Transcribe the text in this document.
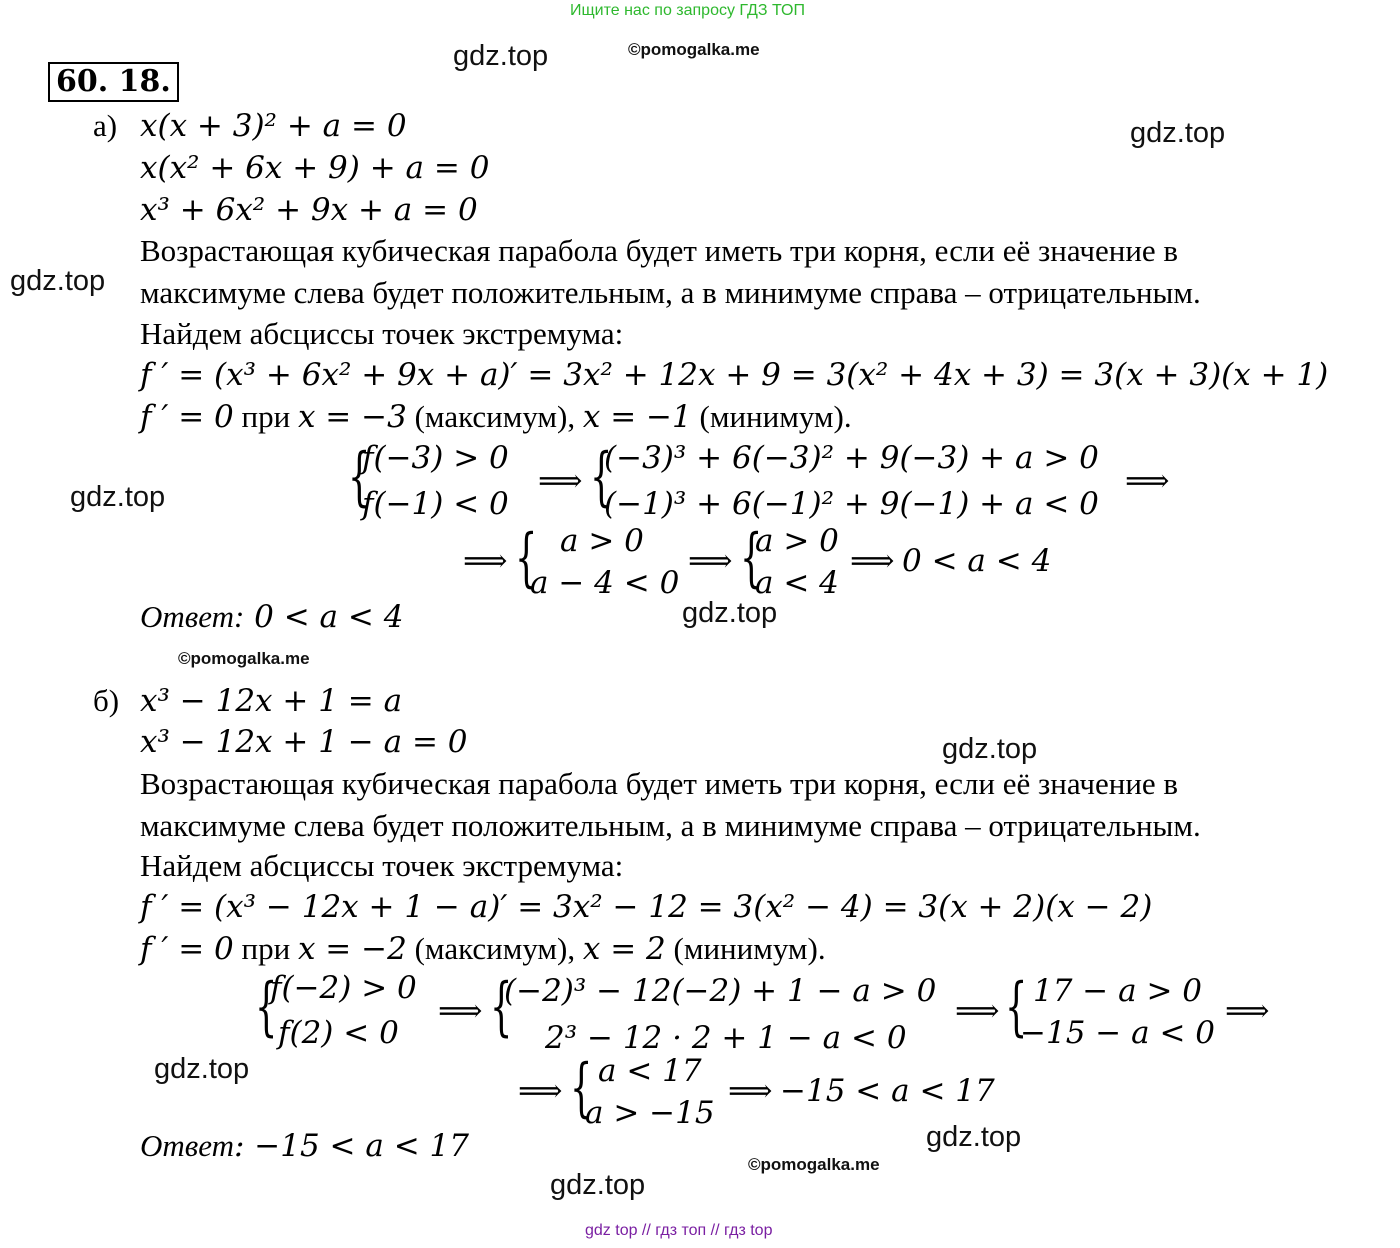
Ищите нас по запросу ГДЗ ТОП
gdz top // гдз топ // гдз top
gdz.top	©pomogalka.me
gdz.top
gdz.top
gdz.top
gdz.top
©pomogalka.me
gdz.top
gdz.top
gdz.top
©pomogalka.me
gdz.top
60. 18.
а) x(x + 3)² + a = 0
x(x² + 6x + 9) + a = 0
x³ + 6x² + 9x + a = 0
Возрастающая кубическая парабола будет иметь три корня, если её значение в
максимуме слева будет положительным, а в минимуме справа – отрицательным.
Найдем абсциссы точек экстремума:
f ′ = (x³ + 6x² + 9x + a)′ = 3x² + 12x + 9 = 3(x² + 4x + 3) = 3(x + 3)(x + 1)
f ′ = 0 при x = −3 (максимум), x = −1 (минимум).
{
f(−3) > 0
f(−1) < 0
⟹ {
(−3)³ + 6(−3)² + 9(−3) + a > 0
(−1)³ + 6(−1)² + 9(−1) + a < 0
⟹
⟹ { a > 0
a − 4 < 0
⟹ {
a > 0
a < 4
⟹ 0 < a < 4
Ответ: 0 < a < 4
б) x³ − 12x + 1 = a
x³ − 12x + 1 − a = 0
Возрастающая кубическая парабола будет иметь три корня, если её значение в
максимуме слева будет положительным, а в минимуме справа – отрицательным.
Найдем абсциссы точек экстремума:
f ′ = (x³ − 12x + 1 − a)′ = 3x² − 12 = 3(x² − 4) = 3(x + 2)(x − 2)
f ′ = 0 при x = −2 (максимум), x = 2 (минимум).
{
f(−2) > 0
f(2) < 0
⟹ {
(−2)³ − 12(−2) + 1 − a > 0
2³ − 12 · 2 + 1 − a < 0
⟹ { 17 − a > 0
−15 − a < 0
⟹
⟹ { a < 17
a > −15
⟹ −15 < a < 17
Ответ: −15 < a < 17
